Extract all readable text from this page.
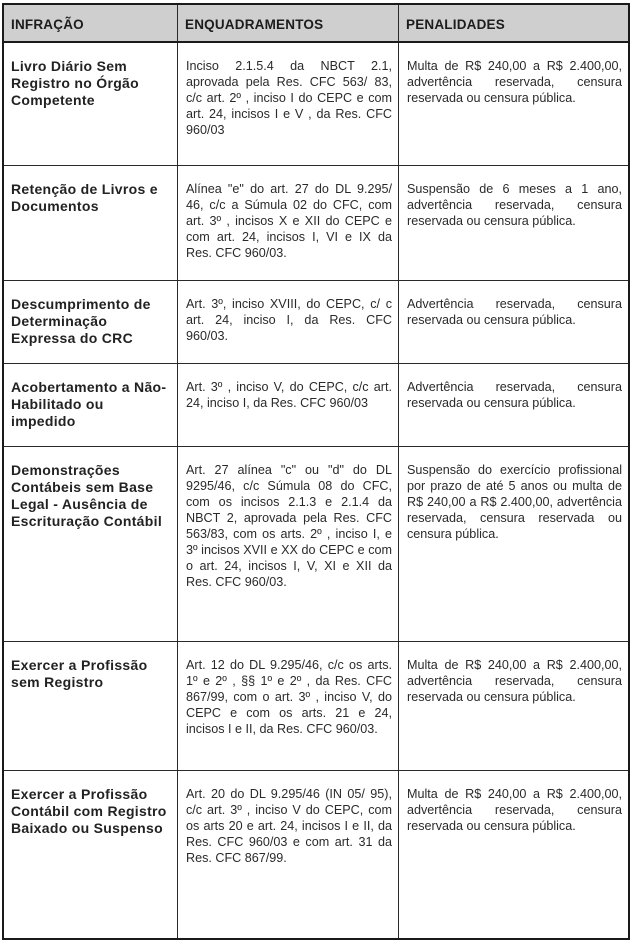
INFRAÇÃO	ENQUADRAMENTOS	PENALIDADES
Livro Diário Sem Registro no Órgão Competente
Inciso 2.1.5.4 da NBCT 2.1, aprovada pela Res. CFC 563/ 83, c/c art. 2º , inciso I do CEPC e com art. 24, incisos I e V , da Res. CFC 960/03
Multa de R$ 240,00 a R$ 2.400,00, advertência reservada, censura reservada ou censura pública.
Retenção de Livros e Documentos
Alínea "e" do art. 27 do DL 9.295/ 46, c/c a Súmula 02 do CFC, com art. 3º , incisos X e XII do CEPC e com art. 24, incisos I, VI e IX da Res. CFC 960/03.
Suspensão de 6 meses a 1 ano, advertência reservada, censura reservada ou censura pública.
Descumprimento de Determinação Expressa do CRC
Art. 3º, inciso XVIII, do CEPC, c/ c art. 24, inciso I, da Res. CFC 960/03.
Advertência reservada, censura reservada ou censura pública.
Acobertamento a Não-Habilitado ou impedido
Art. 3º , inciso V, do CEPC, c/c art. 24, inciso I, da Res. CFC 960/03
Advertência reservada, censura reservada ou censura pública.
Demonstrações Contábeis sem Base Legal - Ausência de Escrituração Contábil
Art. 27 alínea "c" ou "d" do DL 9295/46, c/c Súmula 08 do CFC, com os incisos 2.1.3 e 2.1.4 da NBCT 2, aprovada pela Res. CFC 563/83, com os arts. 2º , inciso I, e 3º incisos XVII e XX do CEPC e com o art. 24, incisos I, V, XI e XII da Res. CFC 960/03.
Suspensão do exercício profissional por prazo de até 5 anos ou multa de R$ 240,00 a R$ 2.400,00, advertência reservada, censura reservada ou censura pública.
Exercer a Profissão sem Registro
Art. 12 do DL 9.295/46, c/c os arts. 1º e 2º , §§ 1º e 2º , da Res. CFC 867/99, com o art. 3º , inciso V, do CEPC e com os arts. 21 e 24, incisos I e II, da Res. CFC 960/03.
Multa de R$ 240,00 a R$ 2.400,00, advertência reservada, censura reservada ou censura pública.
Exercer a Profissão Contábil com Registro Baixado ou Suspenso
Art. 20 do DL 9.295/46 (IN 05/ 95), c/c art. 3º , inciso V do CEPC, com os arts 20 e art. 24, incisos I e II, da Res. CFC 960/03 e com art. 31 da Res. CFC 867/99.
Multa de R$ 240,00 a R$ 2.400,00, advertência reservada, censura reservada ou censura pública.
